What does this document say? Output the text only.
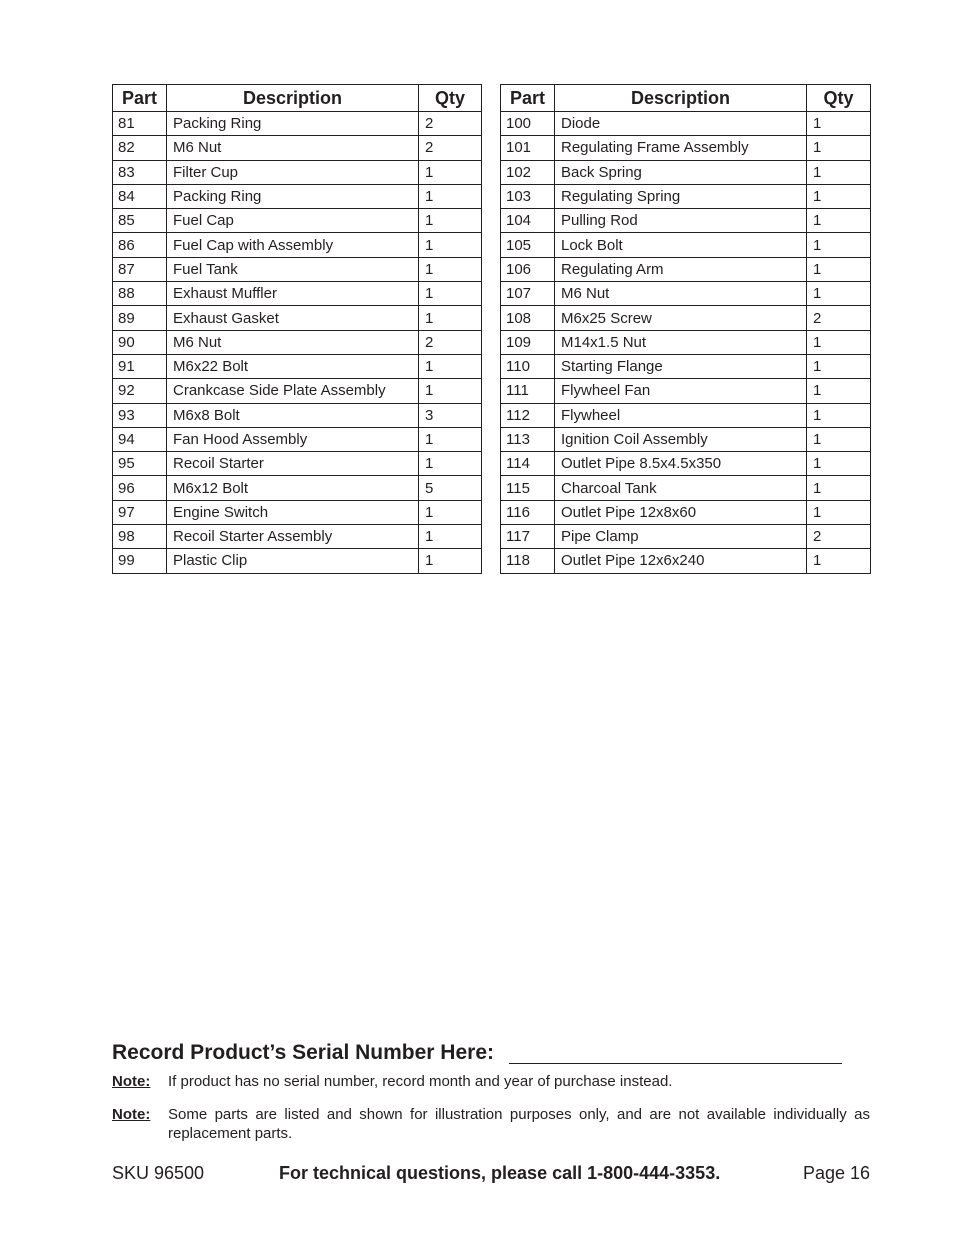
Part	Description	Qty
81	Packing Ring	2
82	M6 Nut	2
83	Filter Cup	1
84	Packing Ring	1
85	Fuel Cap	1
86	Fuel Cap with Assembly	1
87	Fuel Tank	1
88	Exhaust Muffler	1
89	Exhaust Gasket	1
90	M6 Nut	2
91	M6x22 Bolt	1
92	Crankcase Side Plate Assembly	1
93	M6x8 Bolt	3
94	Fan Hood Assembly	1
95	Recoil Starter	1
96	M6x12 Bolt	5
97	Engine Switch	1
98	Recoil Starter Assembly	1
99	Plastic Clip	1
Part	Description	Qty
100	Diode	1
101	Regulating Frame Assembly	1
102	Back Spring	1
103	Regulating Spring	1
104	Pulling Rod	1
105	Lock Bolt	1
106	Regulating Arm	1
107	M6 Nut	1
108	M6x25 Screw	2
109	M14x1.5 Nut	1
110	Starting Flange	1
111	Flywheel Fan	1
112	Flywheel	1
113	Ignition Coil Assembly	1
114	Outlet Pipe 8.5x4.5x350	1
115	Charcoal Tank	1
116	Outlet Pipe 12x8x60	1
117	Pipe Clamp	2
118	Outlet Pipe 12x6x240	1
Record Product’s Serial Number Here:
Note:	If product has no serial number, record month and year of purchase instead.
Note:	Some parts are listed and shown for illustration purposes only, and are not available individually as replacement parts.
SKU 96500	For technical questions, please call 1-800-444-3353.	Page 16
